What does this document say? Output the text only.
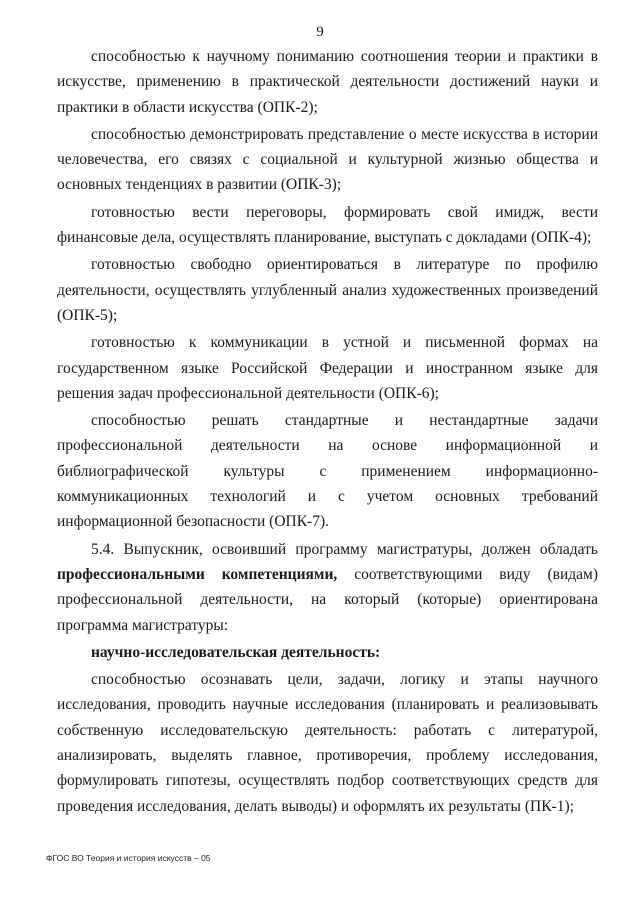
9

способностью к научному пониманию соотношения теории и практики в искусстве, применению в практической деятельности достижений науки и практики в области искусства (ОПК-2);

способностью демонстрировать представление о месте искусства в истории человечества, его связях с социальной и культурной жизнью общества и основных тенденциях в развитии (ОПК-3);

готовностью вести переговоры, формировать свой имидж, вести финансовые дела, осуществлять планирование, выступать с докладами (ОПК-4);

готовностью свободно ориентироваться в литературе по профилю деятельности, осуществлять углубленный анализ художественных произведений (ОПК-5);

готовностью к коммуникации в устной и письменной формах на государственном языке Российской Федерации и иностранном языке для решения задач профессиональной деятельности (ОПК-6);

способностью решать стандартные и нестандартные задачи профессиональной деятельности на основе информационной и библиографической культуры с применением информационно-коммуникационных технологий и с учетом основных требований информационной безопасности (ОПК-7).

5.4. Выпускник, освоивший программу магистратуры, должен обладать профессиональными компетенциями, соответствующими виду (видам) профессиональной деятельности, на который (которые) ориентирована программа магистратуры:

научно-исследовательская деятельность:

способностью осознавать цели, задачи, логику и этапы научного исследования, проводить научные исследования (планировать и реализовывать собственную исследовательскую деятельность: работать с литературой, анализировать, выделять главное, противоречия, проблему исследования, формулировать гипотезы, осуществлять подбор соответствующих средств для проведения исследования, делать выводы) и оформлять их результаты (ПК-1);

ФГОС ВО Теория и история искусств – 05
